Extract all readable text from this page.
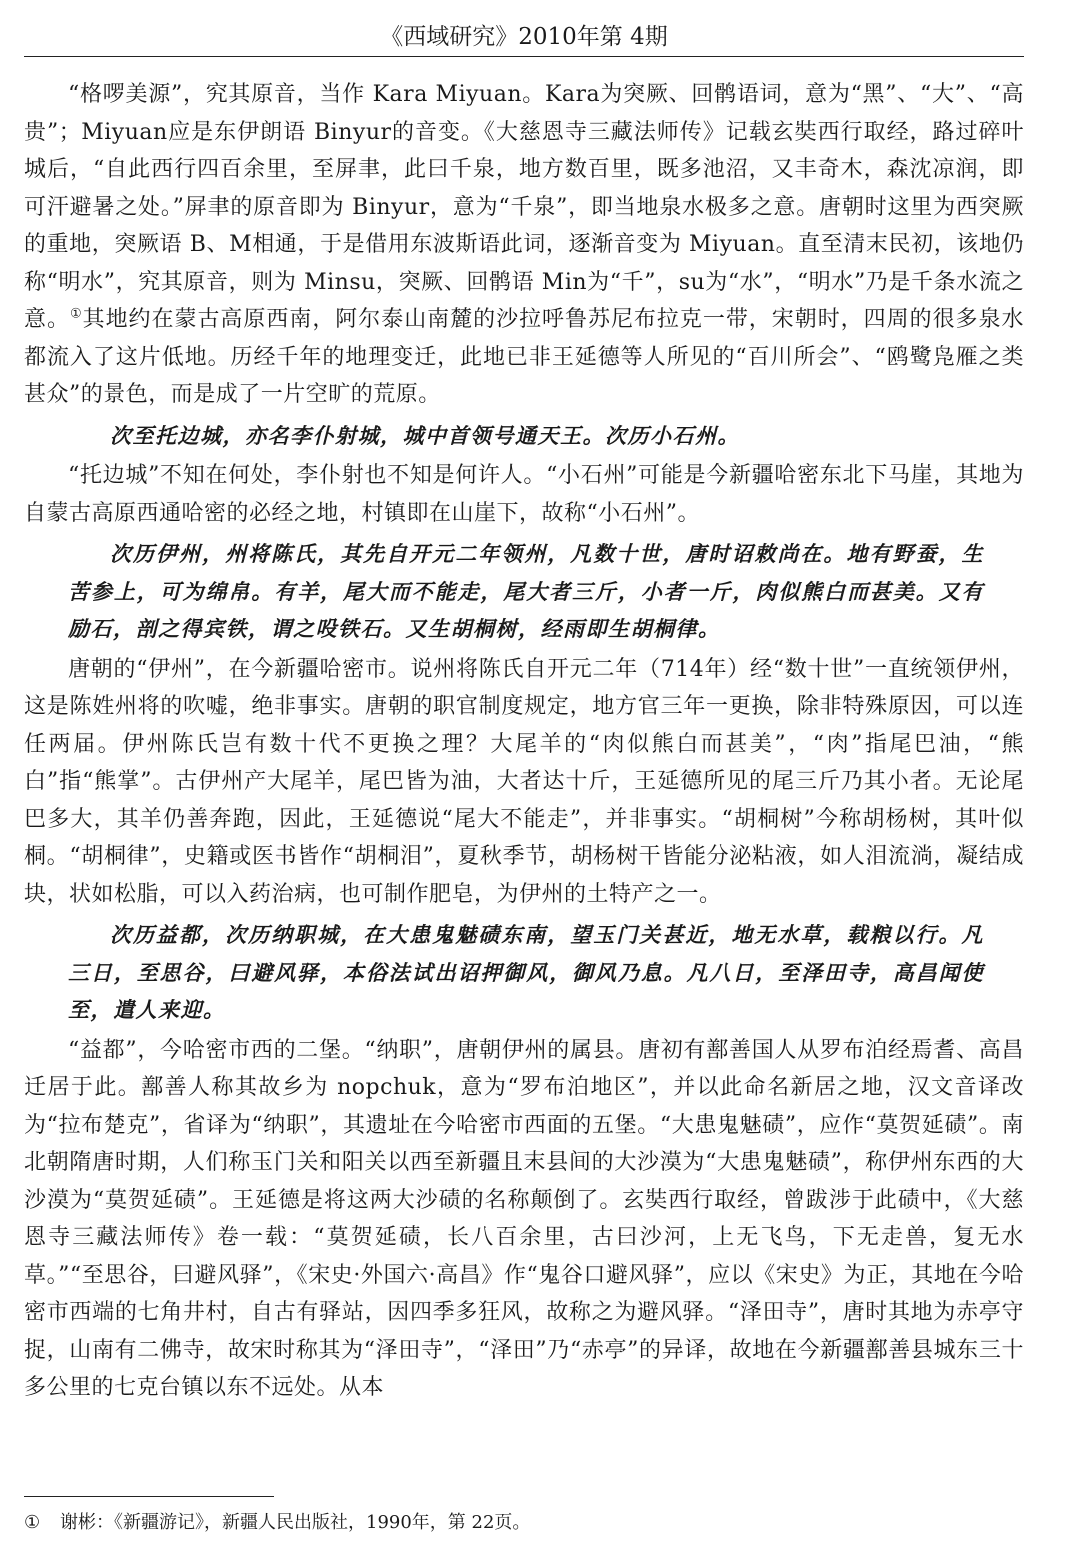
《西域研究》2010年第 4期

“格啰美源”，究其原音，当作 Kara Miyuan。Kara为突厥、回鹘语词，意为“黑”、“大”、“高贵”；Miyuan应是东伊朗语 Binyur的音变。《大慈恩寺三藏法师传》记载玄奘西行取经，路过碎叶城后，“自此西行四百余里，至屏聿，此曰千泉，地方数百里，既多池沼，又丰奇木，森沈凉润，即可汗避暑之处。”屏聿的原音即为 Binyur，意为“千泉”，即当地泉水极多之意。唐朝时这里为西突厥的重地，突厥语 B、M相通，于是借用东波斯语此词，逐渐音变为 Miyuan。直至清末民初，该地仍称“明水”，究其原音，则为 Minsu，突厥、回鹘语 Min为“千”，su为“水”，“明水”乃是千条水流之意。①其地约在蒙古高原西南，阿尔泰山南麓的沙拉呼鲁苏尼布拉克一带，宋朝时，四周的很多泉水都流入了这片低地。历经千年的地理变迁，此地已非王延德等人所见的“百川所会”、“鸥鹭凫雁之类甚众”的景色，而是成了一片空旷的荒原。

次至托边城，亦名李仆射城，城中首领号通天王。次历小石州。

“托边城”不知在何处，李仆射也不知是何许人。“小石州”可能是今新疆哈密东北下马崖，其地为自蒙古高原西通哈密的必经之地，村镇即在山崖下，故称“小石州”。

次历伊州，州将陈氏，其先自开元二年领州，凡数十世，唐时诏敕尚在。地有野蚕，生苦参上，可为绵帛。有羊，尾大而不能走，尾大者三斤，小者一斤，肉似熊白而甚美。又有励石，剖之得宾铁，谓之吺铁石。又生胡桐树，经雨即生胡桐律。

唐朝的“伊州”，在今新疆哈密市。说州将陈氏自开元二年（714年）经“数十世”一直统领伊州，这是陈姓州将的吹嘘，绝非事实。唐朝的职官制度规定，地方官三年一更换，除非特殊原因，可以连任两届。伊州陈氏岂有数十代不更换之理？大尾羊的“肉似熊白而甚美”，“肉”指尾巴油，“熊白”指“熊掌”。古伊州产大尾羊，尾巴皆为油，大者达十斤，王延德所见的尾三斤乃其小者。无论尾巴多大，其羊仍善奔跑，因此，王延德说“尾大不能走”，并非事实。“胡桐树”今称胡杨树，其叶似桐。“胡桐律”，史籍或医书皆作“胡桐泪”，夏秋季节，胡杨树干皆能分泌粘液，如人泪流淌，凝结成块，状如松脂，可以入药治病，也可制作肥皂，为伊州的土特产之一。

次历益都，次历纳职城，在大患鬼魅碛东南，望玉门关甚近，地无水草，载粮以行。凡三日，至思谷，曰避风驿，本俗法试出诏押御风，御风乃息。凡八日，至泽田寺，高昌闻使至，遣人来迎。

“益都”，今哈密市西的二堡。“纳职”，唐朝伊州的属县。唐初有鄯善国人从罗布泊经焉耆、高昌迁居于此。鄯善人称其故乡为 nopchuk，意为“罗布泊地区”，并以此命名新居之地，汉文音译改为“拉布楚克”，省译为“纳职”，其遗址在今哈密市西面的五堡。“大患鬼魅碛”，应作“莫贺延碛”。南北朝隋唐时期，人们称玉门关和阳关以西至新疆且末县间的大沙漠为“大患鬼魅碛”，称伊州东西的大沙漠为“莫贺延碛”。王延德是将这两大沙碛的名称颠倒了。玄奘西行取经，曾跋涉于此碛中，《大慈恩寺三藏法师传》卷一载：“莫贺延碛，长八百余里，古曰沙河，上无飞鸟，下无走兽，复无水草。”“至思谷，曰避风驿”，《宋史·外国六·高昌》作“鬼谷口避风驿”，应以《宋史》为正，其地在今哈密市西端的七角井村，自古有驿站，因四季多狂风，故称之为避风驿。“泽田寺”，唐时其地为赤亭守捉，山南有二佛寺，故宋时称其为“泽田寺”，“泽田”乃“赤亭”的异译，故地在今新疆鄯善县城东三十多公里的七克台镇以东不远处。从本

① 谢彬：《新疆游记》，新疆人民出版社，1990年，第 22页。
